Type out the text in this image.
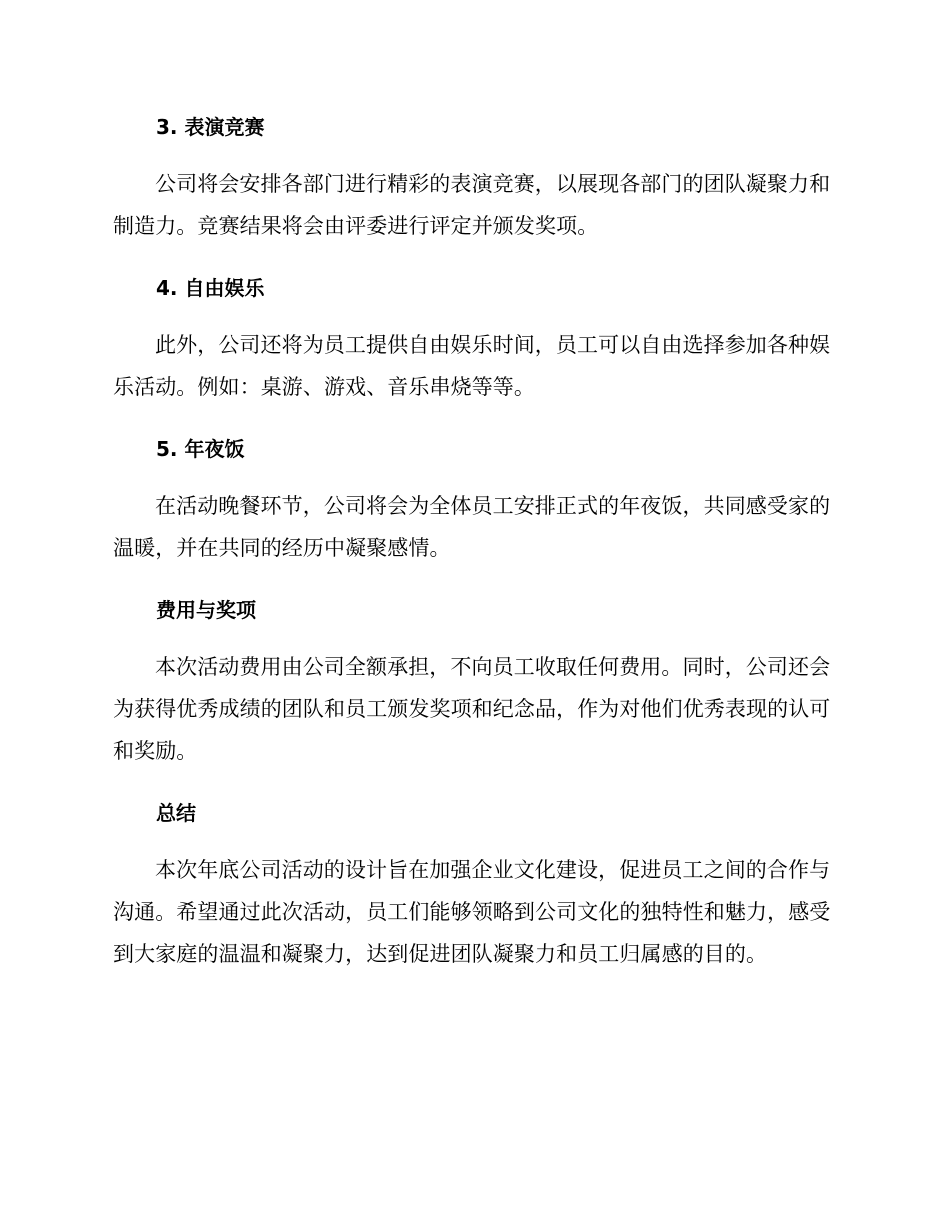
3. 表演竞赛

公司将会安排各部门进行精彩的表演竞赛，以展现各部门的团队凝聚力和制造力。竞赛结果将会由评委进行评定并颁发奖项。

4. 自由娱乐

此外，公司还将为员工提供自由娱乐时间，员工可以自由选择参加各种娱乐活动。例如：桌游、游戏、音乐串烧等等。

5. 年夜饭

在活动晚餐环节，公司将会为全体员工安排正式的年夜饭，共同感受家的温暖，并在共同的经历中凝聚感情。

费用与奖项

本次活动费用由公司全额承担，不向员工收取任何费用。同时，公司还会为获得优秀成绩的团队和员工颁发奖项和纪念品，作为对他们优秀表现的认可和奖励。

总结

本次年底公司活动的设计旨在加强企业文化建设，促进员工之间的合作与沟通。希望通过此次活动，员工们能够领略到公司文化的独特性和魅力，感受到大家庭的温温和凝聚力，达到促进团队凝聚力和员工归属感的目的。
